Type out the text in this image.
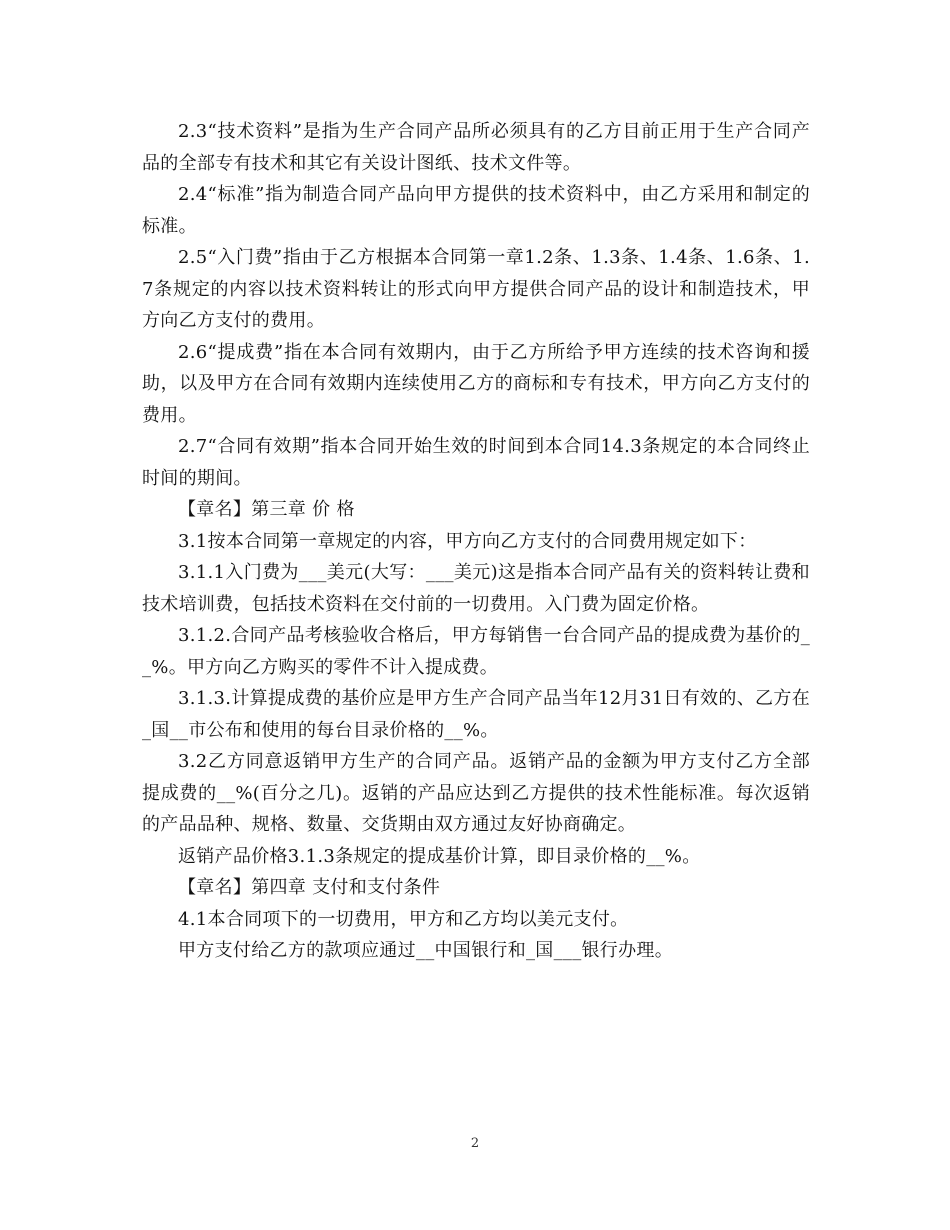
2.3“技术资料”是指为生产合同产品所必须具有的乙方目前正用于生产合同产品的全部专有技术和其它有关设计图纸、技术文件等。

2.4“标准”指为制造合同产品向甲方提供的技术资料中，由乙方采用和制定的标准。

2.5“入门费”指由于乙方根据本合同第一章1.2条、1.3条、1.4条、1.6条、1.7条规定的内容以技术资料转让的形式向甲方提供合同产品的设计和制造技术，甲方向乙方支付的费用。

2.6“提成费”指在本合同有效期内，由于乙方所给予甲方连续的技术咨询和援助，以及甲方在合同有效期内连续使用乙方的商标和专有技术，甲方向乙方支付的费用。

2.7“合同有效期”指本合同开始生效的时间到本合同14.3条规定的本合同终止时间的期间。

【章名】第三章 价 格

3.1按本合同第一章规定的内容，甲方向乙方支付的合同费用规定如下：

3.1.1入门费为___美元(大写：___美元)这是指本合同产品有关的资料转让费和技术培训费，包括技术资料在交付前的一切费用。入门费为固定价格。

3.1.2.合同产品考核验收合格后，甲方每销售一台合同产品的提成费为基价的__%。甲方向乙方购买的零件不计入提成费。

3.1.3.计算提成费的基价应是甲方生产合同产品当年12月31日有效的、乙方在_国__市公布和使用的每台目录价格的__%。

3.2乙方同意返销甲方生产的合同产品。返销产品的金额为甲方支付乙方全部提成费的__%(百分之几)。返销的产品应达到乙方提供的技术性能标准。每次返销的产品品种、规格、数量、交货期由双方通过友好协商确定。

返销产品价格3.1.3条规定的提成基价计算，即目录价格的__%。

【章名】第四章 支付和支付条件

4.1本合同项下的一切费用，甲方和乙方均以美元支付。

甲方支付给乙方的款项应通过__中国银行和_国___银行办理。

2
